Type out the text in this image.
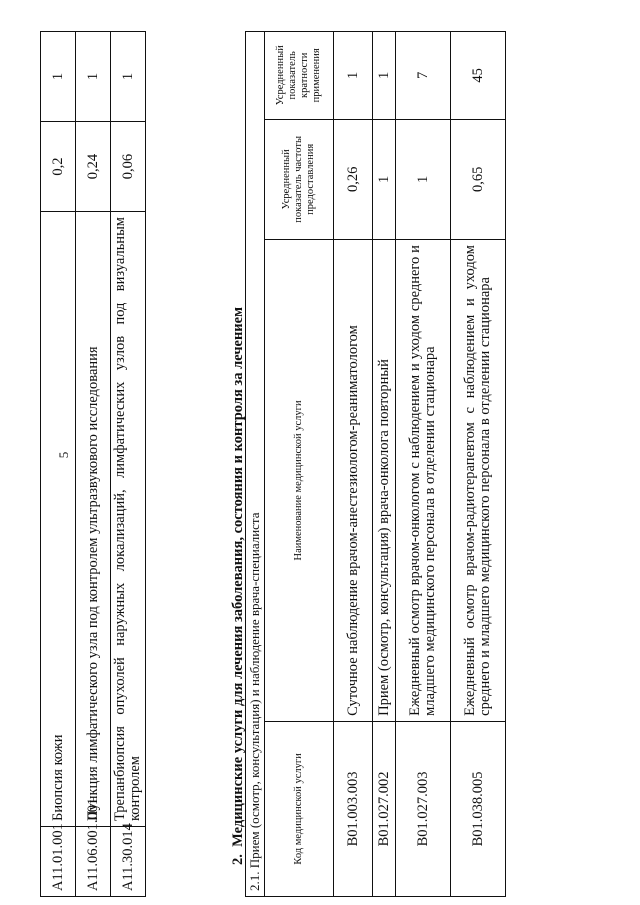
5
A11.01.001	Биопсия кожи	0,2	1
A11.06.001.001	Пункция лимфатического узла под контролем ультразвукового исследования	0,24	1
A11.30.014	Трепанбиопсия опухолей наружных локализаций, лимфатических узлов под визуальным контролем	0,06	1
2.  Медицинские услуги для лечения заболевания, состояния и контроля за лечением 2.1. Прием (осмотр, консультация) и наблюдение врача-специалиста			
Код медицинской услуги	Наименование медицинской услуги	Усредненный показатель частоты предоставления	Усредненный показатель кратности применения
B01.003.003	Суточное наблюдение врачом-анестезиологом-реаниматологом	0,26	1
B01.027.002	Прием (осмотр, консультация) врача-онколога повторный	1	1
B01.027.003	Ежедневный осмотр врачом-онкологом с наблюдением и уходом среднего и младшего медицинского персонала в отделении стационара	1	7
B01.038.005	Ежедневный осмотр врачом-радиотерапевтом с наблюдением и уходом среднего и младшего медицинского персонала в отделении стационара	0,65	45
